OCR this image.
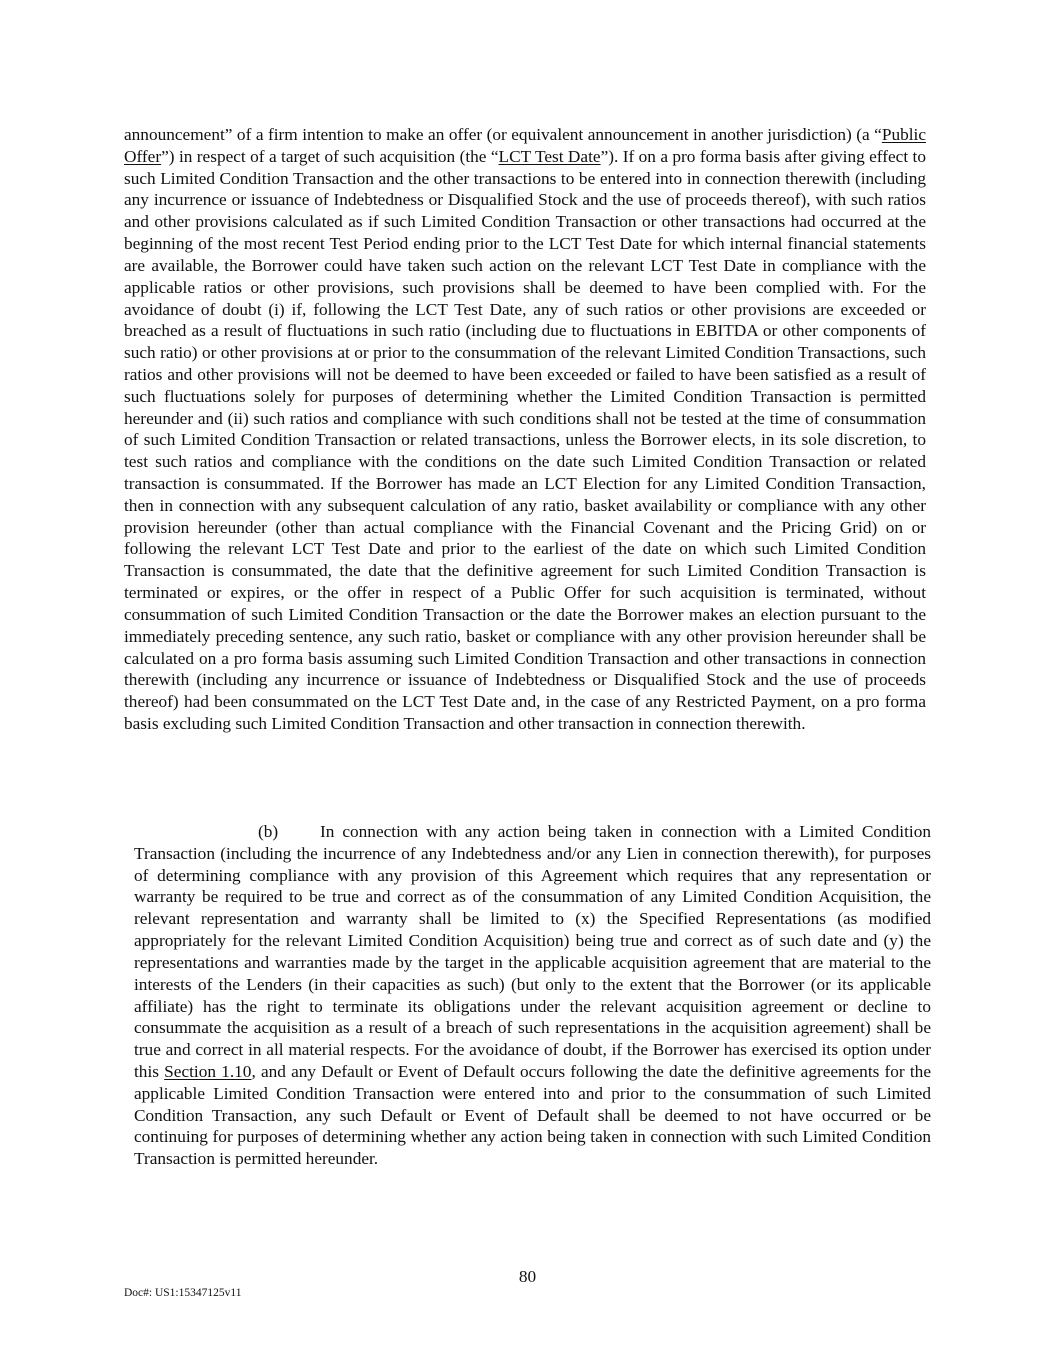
announcement” of a firm intention to make an offer (or equivalent announcement in another jurisdiction) (a “Public Offer”) in respect of a target of such acquisition (the “LCT Test Date”). If on a pro forma basis after giving effect to such Limited Condition Transaction and the other transactions to be entered into in connection therewith (including any incurrence or issuance of Indebtedness or Disqualified Stock and the use of proceeds thereof), with such ratios and other provisions calculated as if such Limited Condition Transaction or other transactions had occurred at the beginning of the most recent Test Period ending prior to the LCT Test Date for which internal financial statements are available, the Borrower could have taken such action on the relevant LCT Test Date in compliance with the applicable ratios or other provisions, such provisions shall be deemed to have been complied with. For the avoidance of doubt (i) if, following the LCT Test Date, any of such ratios or other provisions are exceeded or breached as a result of fluctuations in such ratio (including due to fluctuations in EBITDA or other components of such ratio) or other provisions at or prior to the consummation of the relevant Limited Condition Transactions, such ratios and other provisions will not be deemed to have been exceeded or failed to have been satisfied as a result of such fluctuations solely for purposes of determining whether the Limited Condition Transaction is permitted hereunder and (ii) such ratios and compliance with such conditions shall not be tested at the time of consummation of such Limited Condition Transaction or related transactions, unless the Borrower elects, in its sole discretion, to test such ratios and compliance with the conditions on the date such Limited Condition Transaction or related transaction is consummated. If the Borrower has made an LCT Election for any Limited Condition Transaction, then in connection with any subsequent calculation of any ratio, basket availability or compliance with any other provision hereunder (other than actual compliance with the Financial Covenant and the Pricing Grid) on or following the relevant LCT Test Date and prior to the earliest of the date on which such Limited Condition Transaction is consummated, the date that the definitive agreement for such Limited Condition Transaction is terminated or expires, or the offer in respect of a Public Offer for such acquisition is terminated, without consummation of such Limited Condition Transaction or the date the Borrower makes an election pursuant to the immediately preceding sentence, any such ratio, basket or compliance with any other provision hereunder shall be calculated on a pro forma basis assuming such Limited Condition Transaction and other transactions in connection therewith (including any incurrence or issuance of Indebtedness or Disqualified Stock and the use of proceeds thereof) had been consummated on the LCT Test Date and, in the case of any Restricted Payment, on a pro forma basis excluding such Limited Condition Transaction and other transaction in connection therewith.

(b) In connection with any action being taken in connection with a Limited Condition Transaction (including the incurrence of any Indebtedness and/or any Lien in connection therewith), for purposes of determining compliance with any provision of this Agreement which requires that any representation or warranty be required to be true and correct as of the consummation of any Limited Condition Acquisition, the relevant representation and warranty shall be limited to (x) the Specified Representations (as modified appropriately for the relevant Limited Condition Acquisition) being true and correct as of such date and (y) the representations and warranties made by the target in the applicable acquisition agreement that are material to the interests of the Lenders (in their capacities as such) (but only to the extent that the Borrower (or its applicable affiliate) has the right to terminate its obligations under the relevant acquisition agreement or decline to consummate the acquisition as a result of a breach of such representations in the acquisition agreement) shall be true and correct in all material respects. For the avoidance of doubt, if the Borrower has exercised its option under this Section 1.10, and any Default or Event of Default occurs following the date the definitive agreements for the applicable Limited Condition Transaction were entered into and prior to the consummation of such Limited Condition Transaction, any such Default or Event of Default shall be deemed to not have occurred or be continuing for purposes of determining whether any action being taken in connection with such Limited Condition Transaction is permitted hereunder.

80
Doc#: US1:15347125v11
